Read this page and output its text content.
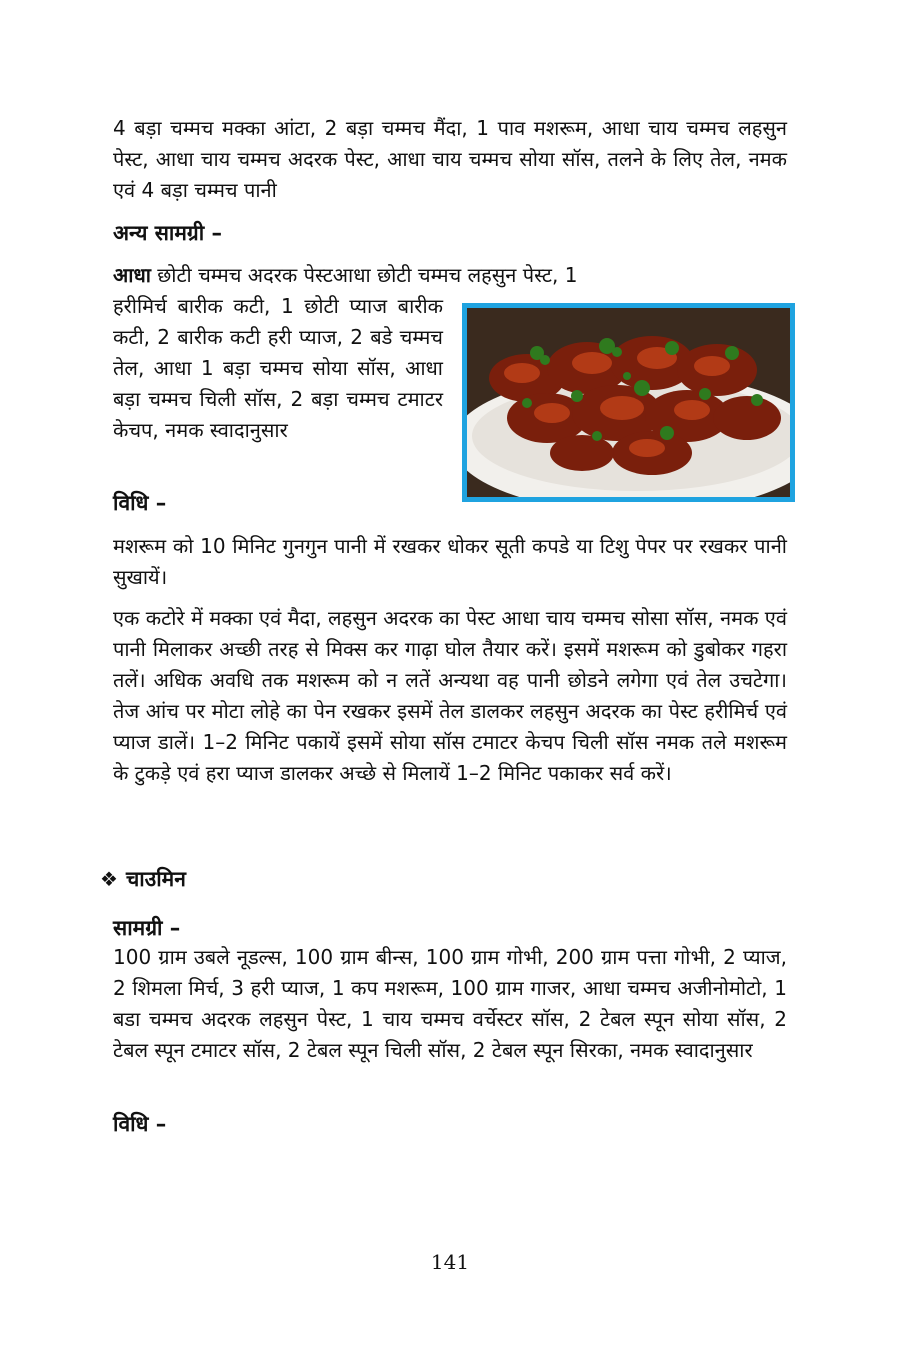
4 बड़ा चम्मच मक्का आंटा, 2 बड़ा चम्मच मैंदा, 1 पाव मशरूम, आधा चाय चम्मच लहसुन पेस्ट, आधा चाय चम्मच अदरक पेस्ट, आधा चाय चम्मच सोया सॉस, तलने के लिए तेल, नमक एवं 4 बड़ा चम्मच पानी

अन्य सामग्री –

आधा छोटी चम्मच अदरक पेस्टआधा छोटी चम्मच लहसुन पेस्ट, 1

हरीमिर्च बारीक कटी, 1 छोटी प्याज बारीक कटी, 2 बारीक कटी हरी प्याज, 2 बडे चम्मच तेल, आधा 1 बड़ा चम्मच सोया सॉस, आधा बड़ा चम्मच चिली सॉस, 2 बड़ा चम्मच टमाटर केचप, नमक स्वादानुसार

विधि –

मशरूम को 10 मिनिट गुनगुन पानी में रखकर धोकर सूती कपडे या टिशु पेपर पर रखकर पानी सुखायें।

एक कटोरे में मक्का एवं मैदा, लहसुन अदरक का पेस्ट आधा चाय चम्मच सोसा सॉस, नमक एवं पानी मिलाकर अच्छी तरह से मिक्स कर गाढ़ा घोल तैयार करें। इसमें मशरूम को डुबोकर गहरा तलें। अधिक अवधि तक मशरूम को न लतें अन्यथा वह पानी छोडने लगेगा एवं तेल उचटेगा। तेज आंच पर मोटा लोहे का पेन रखकर इसमें तेल डालकर लहसुन अदरक का पेस्ट हरीमिर्च एवं प्याज डालें। 1–2 मिनिट पकायें इसमें सोया सॉस टमाटर केचप चिली सॉस नमक तले मशरूम के टुकड़े एवं हरा प्याज डालकर अच्छे से मिलायें 1–2 मिनिट पकाकर सर्व करें।

❖ चाउमिन

सामग्री –

100 ग्राम उबले नूडल्स, 100 ग्राम बीन्स, 100 ग्राम गोभी, 200 ग्राम पत्ता गोभी, 2 प्याज, 2 शिमला मिर्च, 3 हरी प्याज, 1 कप मशरूम, 100 ग्राम गाजर, आधा चम्मच अजीनोमोटो, 1 बडा चम्मच अदरक लहसुन पेस्ट, 1 चाय चम्मच वर्चेस्टर सॉस, 2 टेबल स्पून सोया सॉस, 2 टेबल स्पून टमाटर सॉस, 2 टेबल स्पून चिली सॉस, 2 टेबल स्पून सिरका, नमक स्वादानुसार

विधि –

141
